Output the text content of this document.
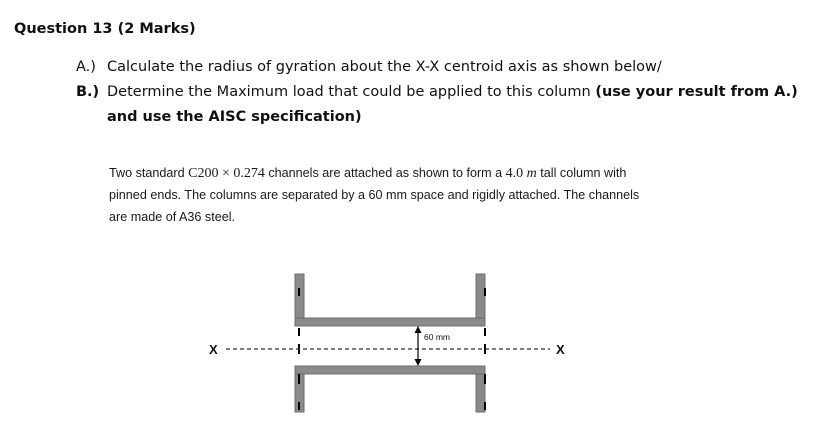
Question 13 (2 Marks)
A.) Calculate the radius of gyration about the X-X centroid axis as shown below/
B.) Determine the Maximum load that could be applied to this column (use your result from A.)
and use the AISC specification)
Two standard C200 × 0.274 channels are attached as shown to form a 4.0 m tall column with
pinned ends. The columns are separated by a 60 mm space and rigidly attached. The channels
are made of A36 steel.
X	X
60 mm
